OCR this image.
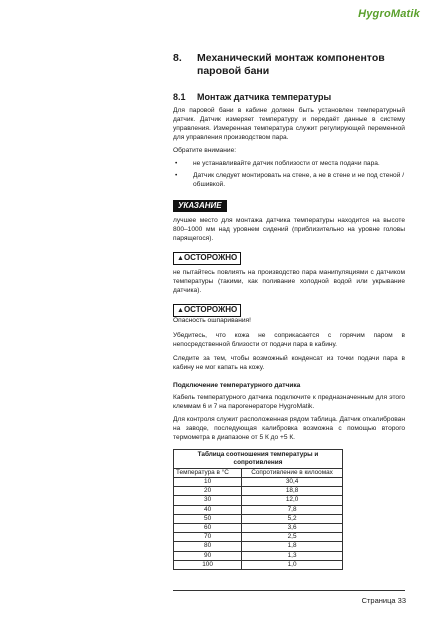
HygroMatik
8.	Механический монтаж компонентов паровой бани
8.1	Монтаж датчика температуры

Для паровой бани в кабине должен быть установлен температурный датчик. Датчик измеряет температуру и передаёт данные в систему управления. Измеренная температура служит регулирующей переменной для управления производством пара.

Обратите внимание:

•	не устанавливайте датчик поблизости от места подачи пара.
•	Датчик следует монтировать на стене, а не в стене и не под стеной / обшивкой.
УКАЗАНИЕ

лучшее место для монтажа датчика температуры находится на высоте 800–1000 мм над уровнем сидений (приблизительно на уровне головы парящегося).

▲ОСТОРОЖНО

не пытайтесь повлиять на производство пара манипуляциями с датчиком температуры (такими, как поливание холодной водой или укрывание датчика).

▲ОСТОРОЖНО

Опасность ошпаривания!

Убедитесь, что кожа не соприкасается с горячим паром в непосредственной близости от подачи пара в кабину.

Следите за тем, чтобы возможный конденсат из точки подачи пара в кабину не мог капать на кожу.

Подключение температурного датчика

Кабель температурного датчика подключите к предназначенным для этого клеммам 6 и 7 на парогенераторе HygroMatik.

Для контроля служит расположенная рядом таблица. Датчик откалиброван на заводе, последующая калибровка возможна с помощью второго термометра в диапазоне от 5 К до +5 К.

Таблица соотношения температуры и сопротивления	
Температура в °C	Сопротивление в килоомах
10	30,4
20	18,8
30	12,0
40	7,8
50	5,2
60	3,6
70	2,5
80	1,8
90	1,3
100	1,0
Страница 33
